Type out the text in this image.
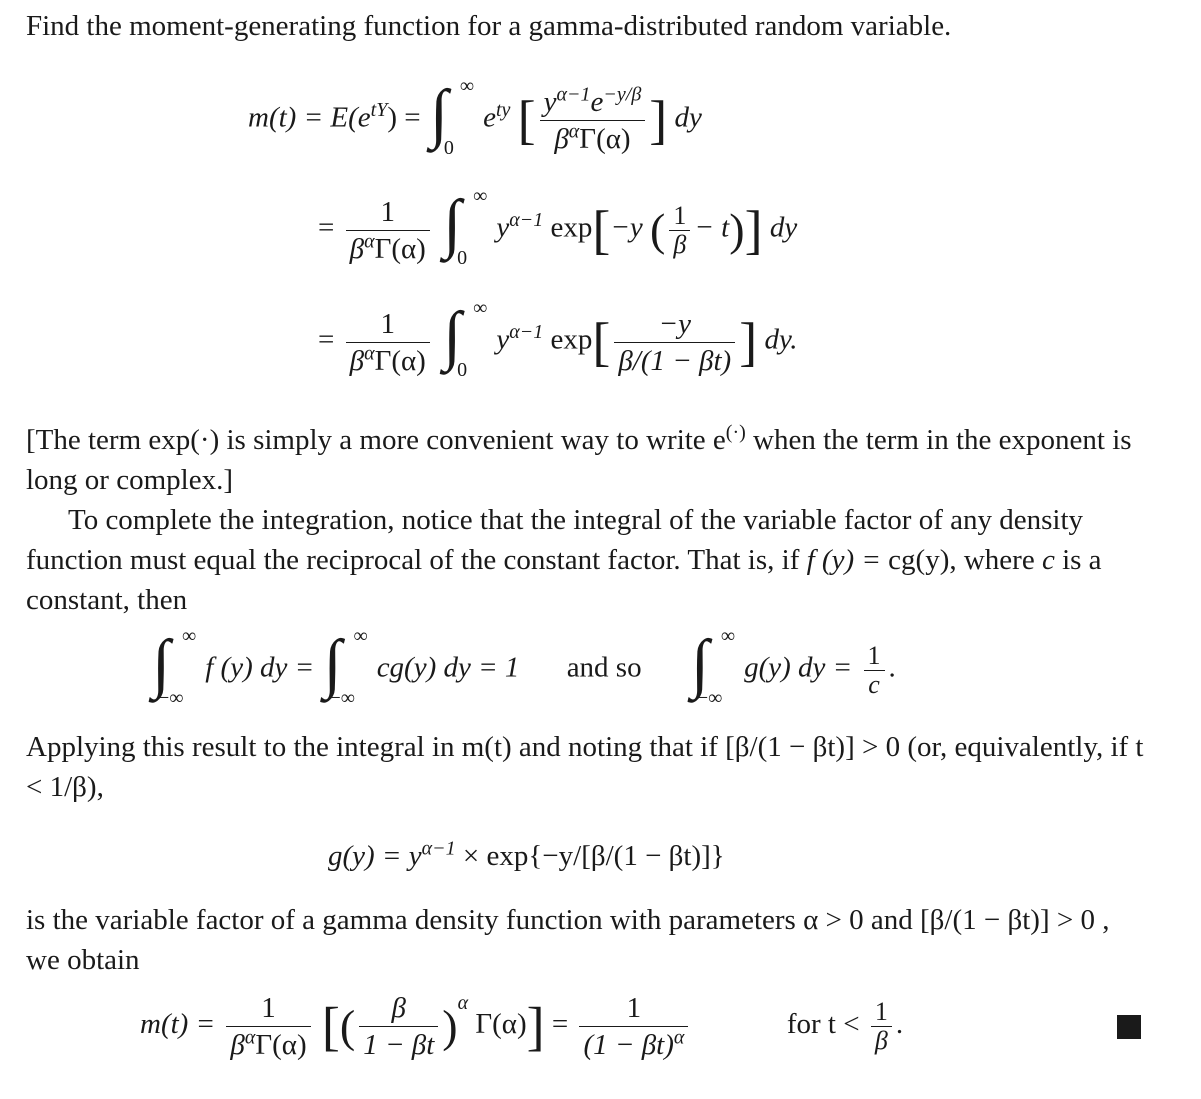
Find the moment-generating function for a gamma-distributed random variable.

$m(t) = E(e^{tY})$ = ∫ ∞
0
$e^{ty}$ [ $\frac{y^{\alpha-1}e^{-y/\beta}}{\beta^\alpha\Gamma(\alpha)}$ ] dy
= $\frac{1}{\beta^\alpha\Gamma(\alpha)}$
∫ ∞
0
$y^{\alpha-1}$ exp[−y ( $\frac{1}{\beta} - t$)] dy
= $\frac{1}{\beta^\alpha\Gamma(\alpha)}$
∫ ∞
0
$y^{\alpha-1}$ $\exp[ \frac{-y}{\beta/(1 - \beta t)}$ ] dy.

[The term exp(·) is simply a more convenient way to write e(·) when the term in the exponent is long or complex.]

To complete the integration, notice that the integral of the variable factor of any density function must equal the reciprocal of the constant factor. That is, if f (y) = cg(y), where c is a constant, then

∫ ∞
−∞
f (y) dy = ∫ ∞
−∞
cg(y) dy = 1 and so ∫ ∞
−∞
g(y) dy = $\frac{1}{c}$ .

Applying this result to the integral in m(t) and noting that if [β/(1 − βt)] > 0 (or, equivalently, if t < 1/β),

$g(y) = y^{\alpha-1} \times \exp\{-y/[\beta/(1 - \beta t)]\}$

is the variable factor of a gamma density function with parameters α > 0 and [β/(1 − βt)] > 0 , we obtain

$m(t) = \frac{1}{\beta^\alpha\Gamma(\alpha)}$ [( $\frac{\beta}{1 - \beta t} )^\alpha$ $\Gamma(\alpha)] = \frac{1}{(1 - \beta t)^\alpha}$	for $t < \frac{1}{\beta}$ .
